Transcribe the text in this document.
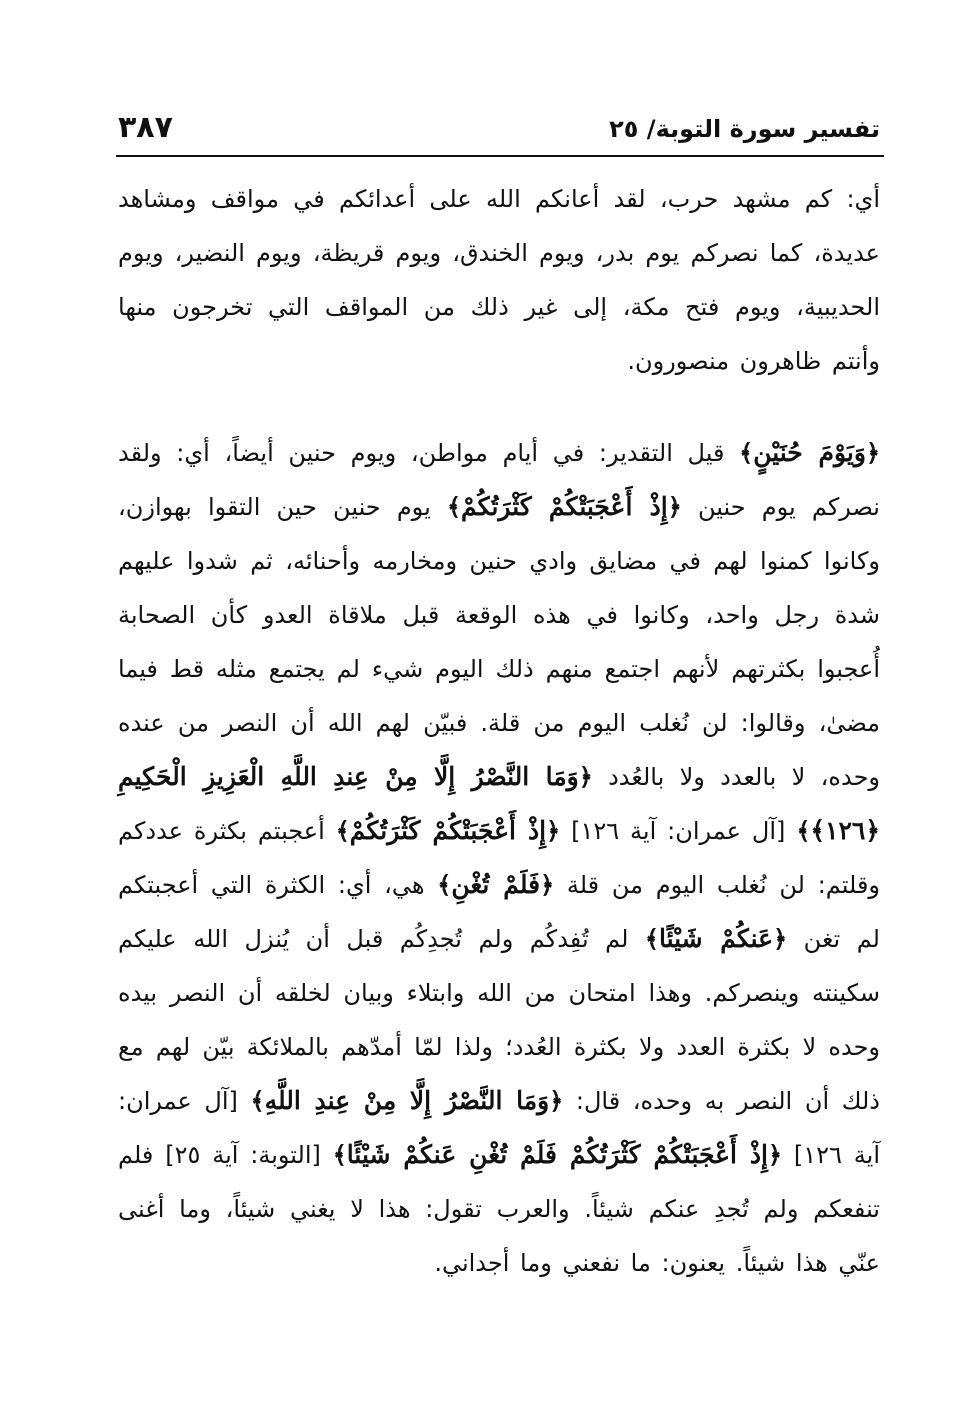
تفسير سورة التوبة/ ٢٥
٣٨٧

أي: كم مشهد حرب، لقد أعانكم الله على أعدائكم في مواقف ومشاهد عديدة، كما نصركم يوم بدر، ويوم الخندق، ويوم قريظة، ويوم النضير، ويوم الحديبية، ويوم فتح مكة، إلى غير ذلك من المواقف التي تخرجون منها وأنتم ظاهرون منصورون.

﴿وَيَوْمَ حُنَيْنٍ﴾ قيل التقدير: في أيام مواطن، ويوم حنين أيضاً، أي: ولقد نصركم يوم حنين ﴿إِذْ أَعْجَبَتْكُمْ كَثْرَتُكُمْ﴾ يوم حنين حين التقوا بهوازن، وكانوا كمنوا لهم في مضايق وادي حنين ومخارمه وأحنائه، ثم شدوا عليهم شدة رجل واحد، وكانوا في هذه الوقعة قبل ملاقاة العدو كأن الصحابة أُعجبوا بكثرتهم لأنهم اجتمع منهم ذلك اليوم شيء لم يجتمع مثله قط فيما مضىٰ، وقالوا: لن نُغلب اليوم من قلة. فبيّن لهم الله أن النصر من عنده وحده، لا بالعدد ولا بالعُدد ﴿وَمَا النَّصْرُ إِلَّا مِنْ عِندِ اللَّهِ الْعَزِيزِ الْحَكِيمِ ﴿١٢٦﴾﴾ [آل عمران: آية ١٢٦] ﴿إِذْ أَعْجَبَتْكُمْ كَثْرَتُكُمْ﴾ أعجبتم بكثرة عددكم وقلتم: لن نُغلب اليوم من قلة ﴿فَلَمْ تُغْنِ﴾ هي، أي: الكثرة التي أعجبتكم لم تغن ﴿عَنكُمْ شَيْئًا﴾ لم تُفِدكُم ولم تُجدِكُم قبل أن يُنزل الله عليكم سكينته وينصركم. وهذا امتحان من الله وابتلاء وبيان لخلقه أن النصر بيده وحده لا بكثرة العدد ولا بكثرة العُدد؛ ولذا لمّا أمدّهم بالملائكة بيّن لهم مع ذلك أن النصر به وحده، قال: ﴿وَمَا النَّصْرُ إِلَّا مِنْ عِندِ اللَّهِ﴾ [آل عمران: آية ١٢٦] ﴿إِذْ أَعْجَبَتْكُمْ كَثْرَتُكُمْ فَلَمْ تُغْنِ عَنكُمْ شَيْئًا﴾ [التوبة: آية ٢٥] فلم تنفعكم ولم تُجدِ عنكم شيئاً. والعرب تقول: هذا لا يغني شيئاً، وما أغنى عنّي هذا شيئاً. يعنون: ما نفعني وما أجداني.
